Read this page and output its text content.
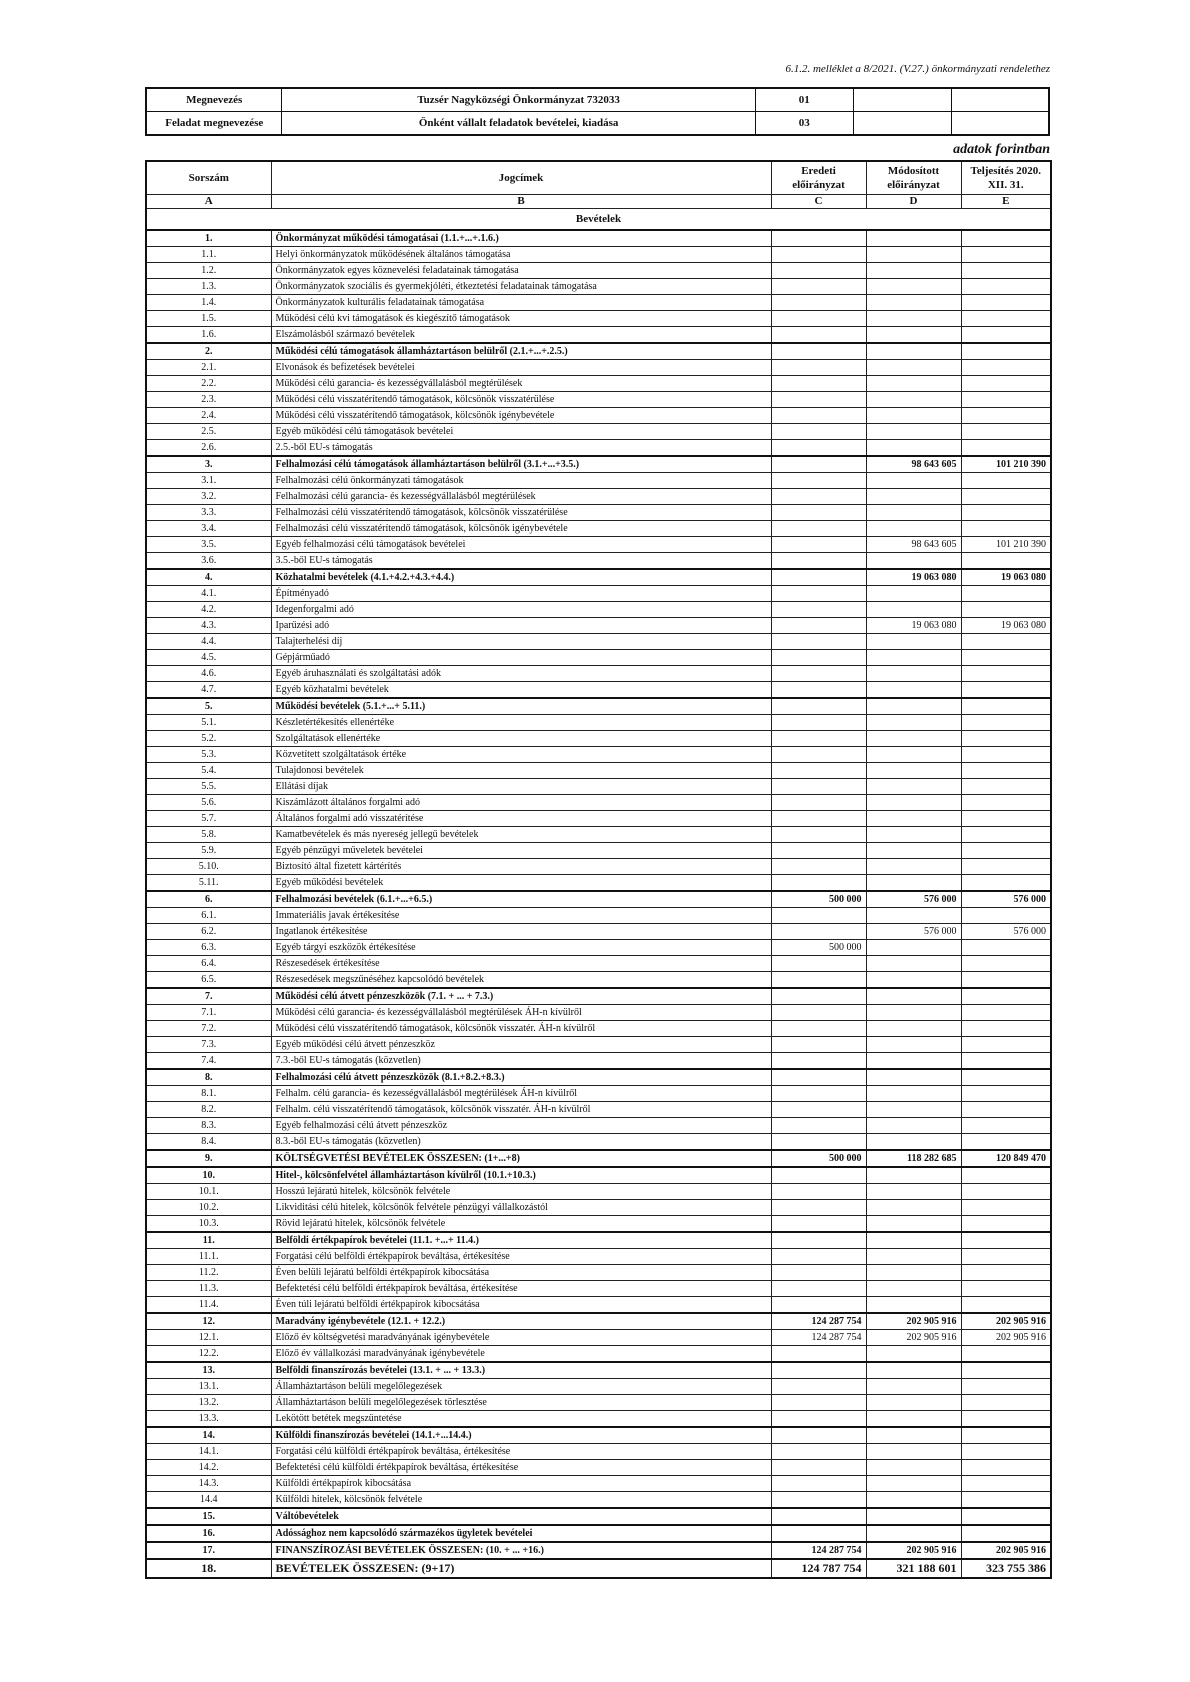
6.1.2. melléklet a 8/2021. (V.27.) önkormányzati rendelethez
Megnevezés	Tuzsér Nagyközségi Önkormányzat 732033	01		
Feladat megnevezése	Önként vállalt feladatok bevételei, kiadása	03		
adatok forintban
Sorszám	Jogcímek	Eredeti előirányzat	Módosított előirányzat	Teljesítés 2020. XII. 31.
A	B	C	D	E
Bevételek				
1.	Önkormányzat működési támogatásai (1.1.+...+.1.6.)			
1.1.	Helyi önkormányzatok működésének általános támogatása			
1.2.	Önkormányzatok egyes köznevelési feladatainak támogatása			
1.3.	Önkormányzatok szociális és gyermekjóléti, étkeztetési feladatainak támogatása			
1.4.	Önkormányzatok kulturális feladatainak támogatása			
1.5.	Működési célú kvi támogatások és kiegészítő támogatások			
1.6.	Elszámolásból származó bevételek			
2.	Működési célú támogatások államháztartáson belülről (2.1.+...+.2.5.)			
2.1.	Elvonások és befizetések bevételei			
2.2.	Működési célú garancia- és kezességvállalásból megtérülések			
2.3.	Működési célú visszatérítendő támogatások, kölcsönök visszatérülése			
2.4.	Működési célú visszatérítendő támogatások, kölcsönök igénybevétele			
2.5.	Egyéb működési célú támogatások bevételei			
2.6.	2.5.-ből EU-s támogatás			
3.	Felhalmozási célú támogatások államháztartáson belülről (3.1.+...+3.5.)		98 643 605	101 210 390
3.1.	Felhalmozási célú önkormányzati támogatások			
3.2.	Felhalmozási célú garancia- és kezességvállalásból megtérülések			
3.3.	Felhalmozási célú visszatérítendő támogatások, kölcsönök visszatérülése			
3.4.	Felhalmozási célú visszatérítendő támogatások, kölcsönök igénybevétele			
3.5.	Egyéb felhalmozási célú támogatások bevételei		98 643 605	101 210 390
3.6.	3.5.-ből EU-s támogatás			
4.	Közhatalmi bevételek (4.1.+4.2.+4.3.+4.4.)		19 063 080	19 063 080
4.1.	Építményadó			
4.2.	Idegenforgalmi adó			
4.3.	Iparűzési adó		19 063 080	19 063 080
4.4.	Talajterhelési díj			
4.5.	Gépjárműadó			
4.6.	Egyéb áruhasználati és szolgáltatási adók			
4.7.	Egyéb közhatalmi bevételek			
5.	Működési bevételek (5.1.+...+ 5.11.)			
5.1.	Készletértékesítés ellenértéke			
5.2.	Szolgáltatások ellenértéke			
5.3.	Közvetített szolgáltatások értéke			
5.4.	Tulajdonosi bevételek			
5.5.	Ellátási díjak			
5.6.	Kiszámlázott általános forgalmi adó			
5.7.	Általános forgalmi adó visszatérítése			
5.8.	Kamatbevételek és más nyereség jellegű bevételek			
5.9.	Egyéb pénzügyi műveletek bevételei			
5.10.	Biztosító által fizetett kártérítés			
5.11.	Egyéb működési bevételek			
6.	Felhalmozási bevételek (6.1.+...+6.5.)	500 000	576 000	576 000
6.1.	Immateriális javak értékesítése			
6.2.	Ingatlanok értékesítése		576 000	576 000
6.3.	Egyéb tárgyi eszközök értékesítése	500 000		
6.4.	Részesedések értékesítése			
6.5.	Részesedések megszűnéséhez kapcsolódó bevételek			
7.	Működési célú átvett pénzeszközök (7.1. + ... + 7.3.)			
7.1.	Működési célú garancia- és kezességvállalásból megtérülések ÁH-n kívülről			
7.2.	Működési célú visszatérítendő támogatások, kölcsönök visszatér. ÁH-n kívülről			
7.3.	Egyéb működési célú átvett pénzeszköz			
7.4.	7.3.-ből EU-s támogatás (közvetlen)			
8.	Felhalmozási célú átvett pénzeszközök (8.1.+8.2.+8.3.)			
8.1.	Felhalm. célú garancia- és kezességvállalásból megtérülések ÁH-n kívülről			
8.2.	Felhalm. célú visszatérítendő támogatások, kölcsönök visszatér. ÁH-n kívülről			
8.3.	Egyéb felhalmozási célú átvett pénzeszköz			
8.4.	8.3.-ből EU-s támogatás (közvetlen)			
9.	KÖLTSÉGVETÉSI BEVÉTELEK ÖSSZESEN: (1+...+8)	500 000	118 282 685	120 849 470
10.	Hitel-, kölcsönfelvétel államháztartáson kívülről (10.1.+10.3.)			
10.1.	Hosszú lejáratú hitelek, kölcsönök felvétele			
10.2.	Likviditási célú hitelek, kölcsönök felvétele pénzügyi vállalkozástól			
10.3.	Rövid lejáratú hitelek, kölcsönök felvétele			
11.	Belföldi értékpapírok bevételei (11.1. +...+ 11.4.)			
11.1.	Forgatási célú belföldi értékpapírok beváltása, értékesítése			
11.2.	Éven belüli lejáratú belföldi értékpapírok kibocsátása			
11.3.	Befektetési célú belföldi értékpapírok beváltása, értékesítése			
11.4.	Éven túli lejáratú belföldi értékpapírok kibocsátása			
12.	Maradvány igénybevétele (12.1. + 12.2.)	124 287 754	202 905 916	202 905 916
12.1.	Előző év költségvetési maradványának igénybevétele	124 287 754	202 905 916	202 905 916
12.2.	Előző év vállalkozási maradványának igénybevétele			
13.	Belföldi finanszírozás bevételei (13.1. + ... + 13.3.)			
13.1.	Államháztartáson belüli megelőlegezések			
13.2.	Államháztartáson belüli megelőlegezések törlesztése			
13.3.	Lekötött betétek megszüntetése			
14.	Külföldi finanszírozás bevételei (14.1.+...14.4.)			
14.1.	Forgatási célú külföldi értékpapírok beváltása, értékesítése			
14.2.	Befektetési célú külföldi értékpapírok beváltása, értékesítése			
14.3.	Külföldi értékpapírok kibocsátása			
14.4	Külföldi hitelek, kölcsönök felvétele			
15.	Váltóbevételek			
16.	Adóssághoz nem kapcsolódó származékos ügyletek bevételei			
17.	FINANSZÍROZÁSI BEVÉTELEK ÖSSZESEN: (10. + ... +16.)	124 287 754	202 905 916	202 905 916
18.	BEVÉTELEK ÖSSZESEN: (9+17)	124 787 754	321 188 601	323 755 386
